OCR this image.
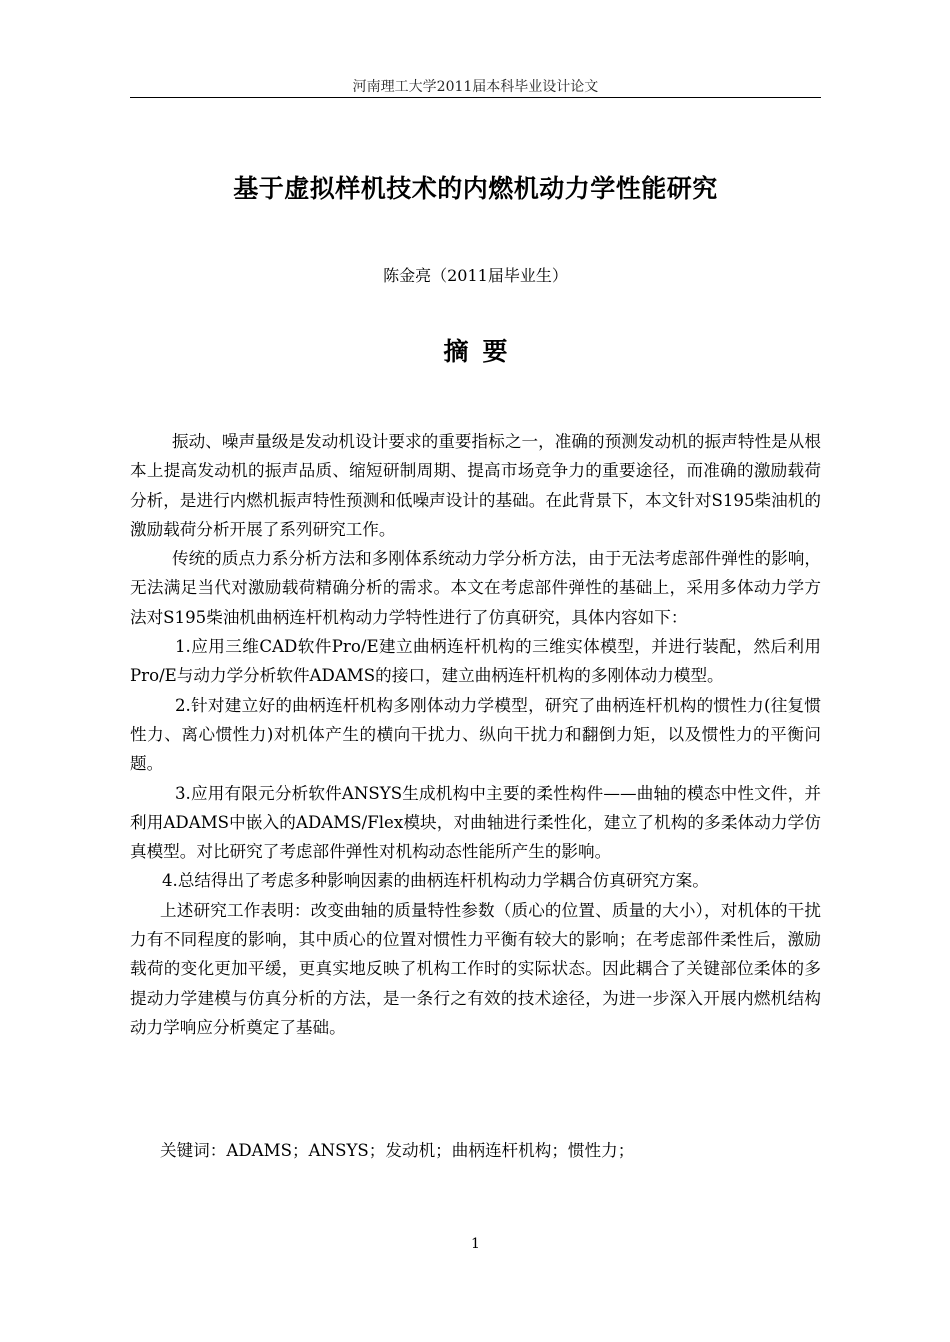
河南理工大学2011届本科毕业设计论文
基于虚拟样机技术的内燃机动力学性能研究
陈金亮（2011届毕业生）
摘要

振动、噪声量级是发动机设计要求的重要指标之一，准确的预测发动机的振声特性是从根本上提高发动机的振声品质、缩短研制周期、提高市场竞争力的重要途径，而准确的激励载荷分析，是进行内燃机振声特性预测和低噪声设计的基础。在此背景下，本文针对S195柴油机的激励载荷分析开展了系列研究工作。

传统的质点力系分析方法和多刚体系统动力学分析方法，由于无法考虑部件弹性的影响，无法满足当代对激励载荷精确分析的需求。本文在考虑部件弹性的基础上，采用多体动力学方法对S195柴油机曲柄连杆机构动力学特性进行了仿真研究，具体内容如下：

1.应用三维CAD软件Pro/E建立曲柄连杆机构的三维实体模型，并进行装配，然后利用Pro/E与动力学分析软件ADAMS的接口，建立曲柄连杆机构的多刚体动力模型。

2.针对建立好的曲柄连杆机构多刚体动力学模型，研究了曲柄连杆机构的惯性力(往复惯性力、离心惯性力)对机体产生的横向干扰力、纵向干扰力和翻倒力矩，以及惯性力的平衡问题。

3.应用有限元分析软件ANSYS生成机构中主要的柔性构件——曲轴的模态中性文件，并利用ADAMS中嵌入的ADAMS/Flex模块，对曲轴进行柔性化，建立了机构的多柔体动力学仿真模型。对比研究了考虑部件弹性对机构动态性能所产生的影响。

4.总结得出了考虑多种影响因素的曲柄连杆机构动力学耦合仿真研究方案。

上述研究工作表明：改变曲轴的质量特性参数（质心的位置、质量的大小），对机体的干扰力有不同程度的影响，其中质心的位置对惯性力平衡有较大的影响；在考虑部件柔性后，激励载荷的变化更加平缓，更真实地反映了机构工作时的实际状态。因此耦合了关键部位柔体的多提动力学建模与仿真分析的方法，是一条行之有效的技术途径，为进一步深入开展内燃机结构动力学响应分析奠定了基础。

关键词：ADAMS；ANSYS；发动机；曲柄连杆机构；惯性力；
1
